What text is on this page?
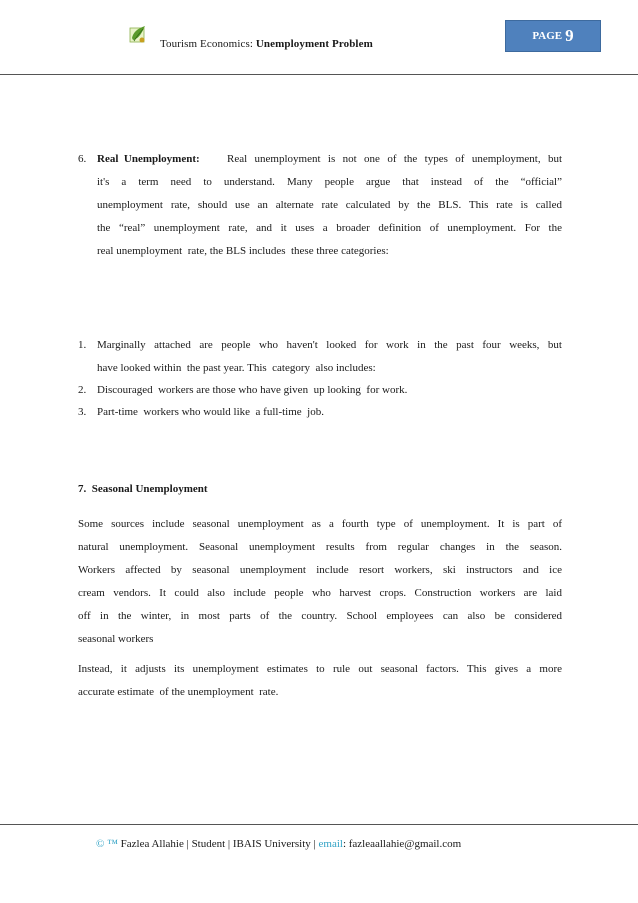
Tourism Economics: Unemployment Problem
PAGE 9
6. Real  Unemployment: Real unemployment is not one of the types of unemployment, but
it's a term need to understand. Many people argue that instead of the “official”
unemployment rate, should use an alternate rate calculated by the BLS. This rate is called
the “real” unemployment rate, and it uses a broader definition of unemployment. For the
real unemployment  rate, the BLS includes  these three categories:
1. Marginally attached are people who haven't looked for work in the past four weeks, but
have looked within  the past year. This  category  also includes:
2. Discouraged  workers are those who have given  up looking  for work.
3. Part-time  workers who would like  a full-time  job.
7.  Seasonal Unemployment
Some sources include seasonal unemployment as a fourth type of unemployment. It is part of
natural unemployment. Seasonal unemployment results from regular changes in the season.
Workers affected by seasonal unemployment include resort workers, ski instructors and ice
cream vendors. It could also include people who harvest crops. Construction workers are laid
off in the winter, in most parts of the country. School employees can also be considered
seasonal workers
Instead, it adjusts its unemployment estimates to rule out seasonal factors. This gives a more
accurate estimate  of the unemployment  rate.
© ™ Fazlea Allahie | Student | IBAIS University | email: fazleaallahie@gmail.com
